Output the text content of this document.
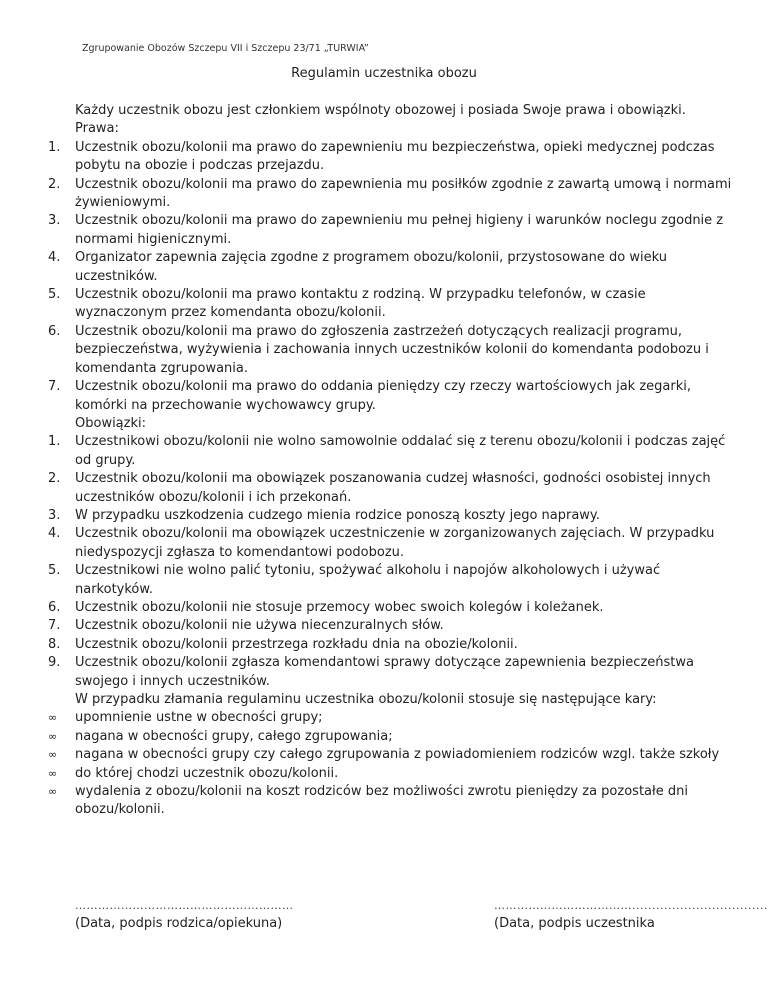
Zgrupowanie Obozów Szczepu VII i Szczepu 23/71 „TURWIA”
Regulamin uczestnika obozu
Każdy uczestnik obozu jest członkiem wspólnoty obozowej i posiada Swoje prawa i obowiązki.
Prawa:
1.	Uczestnik obozu/kolonii ma prawo do zapewnieniu mu bezpieczeństwa, opieki medycznej podczas pobytu na obozie i podczas przejazdu.
2.	Uczestnik obozu/kolonii ma prawo do zapewnienia mu posiłków zgodnie z zawartą umową i normami żywieniowymi.
3.	Uczestnik obozu/kolonii ma prawo do zapewnieniu mu pełnej higieny i warunków noclegu zgodnie z normami higienicznymi.
4.	Organizator zapewnia zajęcia zgodne z programem obozu/kolonii, przystosowane do wieku uczestników.
5.	Uczestnik obozu/kolonii ma prawo kontaktu z rodziną. W przypadku telefonów, w czasie wyznaczonym przez komendanta obozu/kolonii.
6.	Uczestnik obozu/kolonii ma prawo do zgłoszenia zastrzeżeń dotyczących realizacji programu, bezpieczeństwa, wyżywienia i zachowania innych uczestników kolonii do komendanta podobozu i komendanta zgrupowania.
7.	Uczestnik obozu/kolonii ma prawo do oddania pieniędzy czy rzeczy wartościowych jak zegarki, komórki na przechowanie wychowawcy grupy.
Obowiązki:
1.	Uczestnikowi obozu/kolonii nie wolno samowolnie oddalać się z terenu obozu/kolonii i podczas zajęć od grupy.
2.	Uczestnik obozu/kolonii ma obowiązek poszanowania cudzej własności, godności osobistej innych uczestników obozu/kolonii i ich przekonań.
3.	W przypadku uszkodzenia cudzego mienia rodzice ponoszą koszty jego naprawy.
4.	Uczestnik obozu/kolonii ma obowiązek uczestniczenie w zorganizowanych zajęciach. W przypadku niedyspozycji zgłasza to komendantowi podobozu.
5.	Uczestnikowi nie wolno palić tytoniu, spożywać alkoholu i napojów alkoholowych i używać narkotyków.
6.	Uczestnik obozu/kolonii nie stosuje przemocy wobec swoich kolegów i koleżanek.
7.	Uczestnik obozu/kolonii nie używa niecenzuralnych słów.
8.	Uczestnik obozu/kolonii przestrzega rozkładu dnia na obozie/kolonii.
9.	Uczestnik obozu/kolonii zgłasza komendantowi sprawy dotyczące zapewnienia bezpieczeństwa swojego i innych uczestników.
W przypadku złamania regulaminu uczestnika obozu/kolonii stosuje się następujące kary:
∞	upomnienie ustne w obecności grupy;
∞	nagana w obecności grupy, całego zgrupowania;
∞	nagana w obecności grupy czy całego zgrupowania z powiadomieniem rodziców wzgl. także szkoły
∞	do której chodzi uczestnik obozu/kolonii.
∞	wydalenia z obozu/kolonii na koszt rodziców bez możliwości zwrotu pieniędzy za pozostałe dni obozu/kolonii.
…………………………………………………
(Data, podpis rodzica/opiekuna)
………………………………..................................
(Data, podpis uczestnika
